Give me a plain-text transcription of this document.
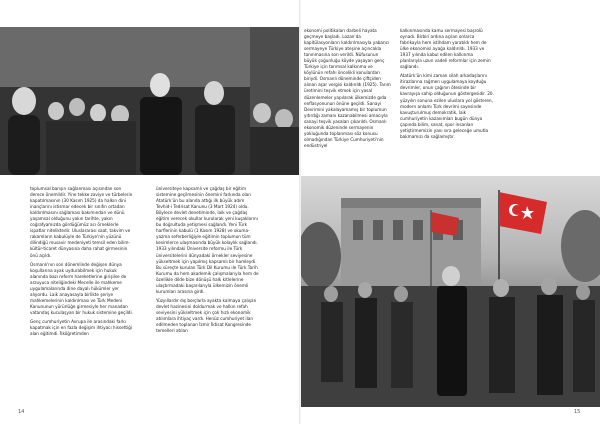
ekonomi politikaları darbeli hayata geçmeye başladı. Lozan'da kapitülasyonların kaldırılmasıyla yabancı sermayeye Türkiye ateşine açıncakla tanınmasına son verildi. Nüfusunun büyük çoğunluğu köyde yaşayan genç Türkiye için tarımsal kalkınma ve köylünün refahı öncelikli konulardan biriydi. Osmanlı döneminde çiftçiden alınan aşar vergisi kaldırıldı (1925). Tarım üretimini teşvik etmek için yasal düzenlemeler yapılarak ülkemizde gıda enflasyonunun önüne geçildi. Sanayi Devrimini yakalayamamış bir toplumun yıtırdığı zamanı kazanabilmesi amacıyla sanayi teşvik yasaları çıkarıldı. Osmanlı ekonomik düzeninde sermayenin yokluğunda toplanması söz konusu olmadığından Türkiye Cumhuriyeti'nin endüstriyel

kalkınmasında kamu sermayesi başrolü oynadı. Birbiri ardına açılan onlarca fabrikayla hem istihdam yaratıldı hem de ülke ekonomisi ayağa kaldırıldı. 1933 ve 1937 yılında kabul edilen kalkınma planlarıyla uzun vadeli reformlar için zemin sağlandı.

Atatürk'ün kimi zaman silah arkadaşlarını itirazlarına rağmen uygulamaya koyduğu devrimler, onun çağının ötesinde bir kavrayışa sahip olduğunun göstergesidir. 20. yüzyılın sonuna ezilen uluslara yol gösteren, modern anlamı Türk devrimi sayesinde kavuşturulmuş demokratik, laik cumhuriyetin kazanımları bugün dünya çapında bilim, sanat, spor insanları yetiştirmemizin yanı sıra geleceğe umutla bakmamızı da sağlamıştır.

toplumsal barışın sağlanması açısından son derece önemlidir. Yine tekke zaviye ve türbelerin kapatılmasının (30 Kasım 1925) da halkın dini inançlarını istismar edecek bir sınıfın ortadan kaldırılmasını sağlaması bakımından ve dünü yaşamsal olduğunu yakın tarihte, yakın coğrafyamızda gördüğümüz acı örneklerle ispatlar niteliktedir. Uluslararası saat, takvim ve rakamların kabulüyle de Türkiye'nin yüzünü dilindiğü musavir medeniyeti temsil eden bilim-kültür-ticaret dünyasına daha rahat girmesinin önü açıldı.

Osmanlı'nın son dönemlinde değişen dünya koşullarına ayak uydurabilmek için hukuk alanında bazı reform hareketlerine girişilse de arzuyuca niteliğindeki Mecelle ile mahkeme uygulamalarında dine dayalı hükümler yer alıyordu. Laik anayasayla birlikte şeriye mahkemelerinin kaldırılması ve Türk Medeni Kanununun yürürlüğe girmesiyle her manadan vatandaş kuculaşyan bir hukuk sistemine geçildi.

Genç cumhuriyetin Avrupa ile arasındaki farkı kapatmak için en fazla değişim ihtiyacı hissettiği alan eğitimdi. İlköğretimden

üniversiteye kapsamlı ve çağdaş bir eğitim sistemine geçilmesinin önemini farkında olan Atatürk'ün bu alanda attığı ilk büyük adım Tevhid-i Tedrisat Kanunu (3 Mart 1924) oldu. Böylece devlet denetiminde, laik ve çağdaş eğitim verecek okullar kurularak yeni kuşaklarını bu doğrultuda yetişmesi sağlandı. Yeni Türk harflerinin kabulü (1 Kasım 1928) ve okuma-yazma seferberliğiyle eğitimin toplumun tüm kesimlerce ulaşmasında büyük kolaylık sağlandı. 1933 yılındaki Üniversite reformu ile Türk üniversitelerini dünyadaki örnekler seviyesine yükseltmek için yapılmış kapsamlı bir hamleydi. Bu süreçte kurulan Türk Dil Kurumu ile Türk Tarih Kurumu da hem akademik çalışmalarıyla hem de özellikle dilde bize dönüşü halk kitlelerine ulaştırmadaki başarılarıyla ülkemizin önemli kurumları arasına girdi.

Yüzyıllardır dış borçlarla ayakta kalmaya çalışan devlet hazinesini doldurmak ve halkın refah seviyesini yükseltmek için çok hızlı ekonomik atılımlara ihtiyaç vardı. Henüz cumhuriyet ilan edilmeden toplanan İzmir İktisat Kongresinde temelleri atılan

14	15
